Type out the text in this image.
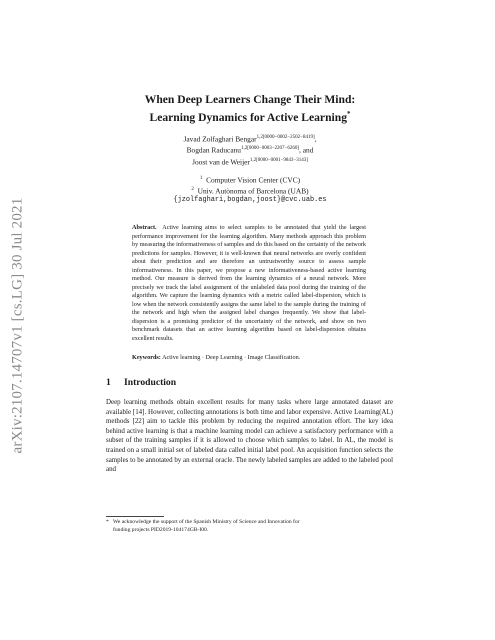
arXiv:2107.14707v1 [cs.LG] 30 Jul 2021
When Deep Learners Change Their Mind:
Learning Dynamics for Active Learning*
Javad Zolfaghari Bengar$^{1,2[0000-0002-2502-8419]}$,
Bogdan Raducanu$^{1,2[0000-0003-2207-6260]}$, and
Joost van de Weijer$^{1,2[0000-0001-9843-3143]}$
$^1$ Computer Vision Center (CVC)
$^2$ Univ. Autònoma of Barcelona (UAB)
{jzolfaghari,bogdan,joost}@cvc.uab.es

Abstract. Active learning aims to select samples to be annotated that yield the largest performance improvement for the learning algorithm. Many methods approach this problem by measuring the informativeness of samples and do this based on the certainty of the network predictions for samples. However, it is well-known that neural networks are overly confident about their prediction and are therefore an untrustworthy source to assess sample informativeness. In this paper, we propose a new informativeness-based active learning method. Our measure is derived from the learning dynamics of a neural network. More precisely we track the label assignment of the unlabeled data pool during the training of the algorithm. We capture the learning dynamics with a metric called label-dispersion, which is low when the network consistently assigns the same label to the sample during the training of the network and high when the assigned label changes frequently. We show that label-dispersion is a promising predictor of the uncertainty of the network, and show on two benchmark datasets that an active learning algorithm based on label-dispersion obtains excellent results.

Keywords: Active learning · Deep Learning · Image Classification.

1 Introduction

Deep learning methods obtain excellent results for many tasks where large annotated dataset are available [14]. However, collecting annotations is both time and labor expensive. Active Learning(AL) methods [22] aim to tackle this problem by reducing the required annotation effort. The key idea behind active learning is that a machine learning model can achieve a satisfactory performance with a subset of the training samples if it is allowed to choose which samples to label. In AL, the model is trained on a small initial set of labeled data called initial label pool. An acquisition function selects the samples to be annotated by an external oracle. The newly labeled samples are added to the labeled pool and

* We acknowledge the support of the Spanish Ministry of Science and Innovation for
funding projects PID2019-104174GB-I00.
